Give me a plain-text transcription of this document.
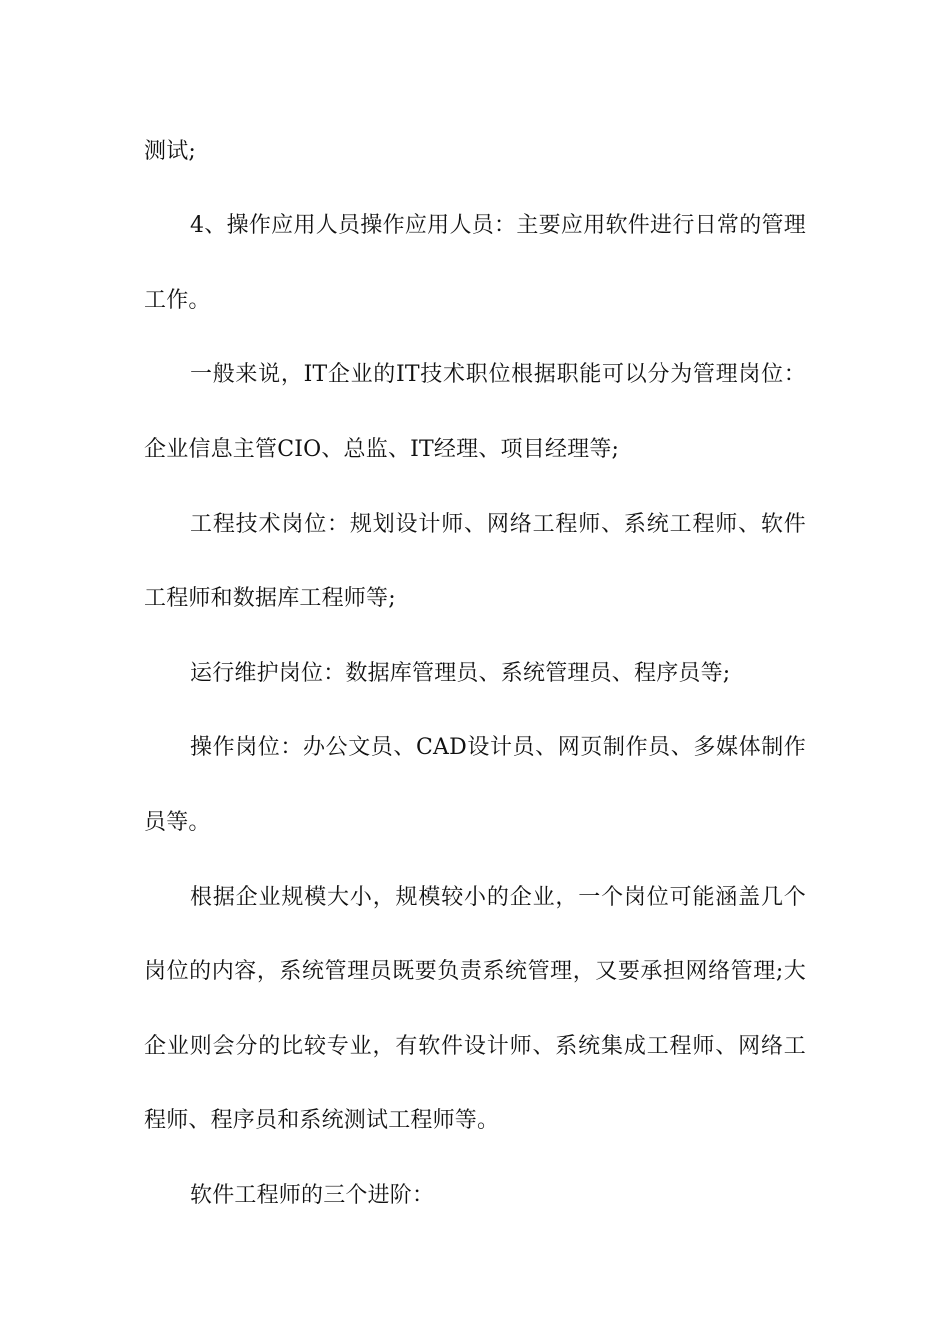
测试;
4、操作应用人员操作应用人员：主要应用软件进行日常的管理
工作。
一般来说，IT企业的IT技术职位根据职能可以分为管理岗位：
企业信息主管CIO、总监、IT经理、项目经理等;
工程技术岗位：规划设计师、网络工程师、系统工程师、软件
工程师和数据库工程师等;
运行维护岗位：数据库管理员、系统管理员、程序员等;
操作岗位：办公文员、CAD设计员、网页制作员、多媒体制作
员等。
根据企业规模大小，规模较小的企业，一个岗位可能涵盖几个
岗位的内容，系统管理员既要负责系统管理，又要承担网络管理;大
企业则会分的比较专业，有软件设计师、系统集成工程师、网络工
程师、程序员和系统测试工程师等。
软件工程师的三个进阶：
